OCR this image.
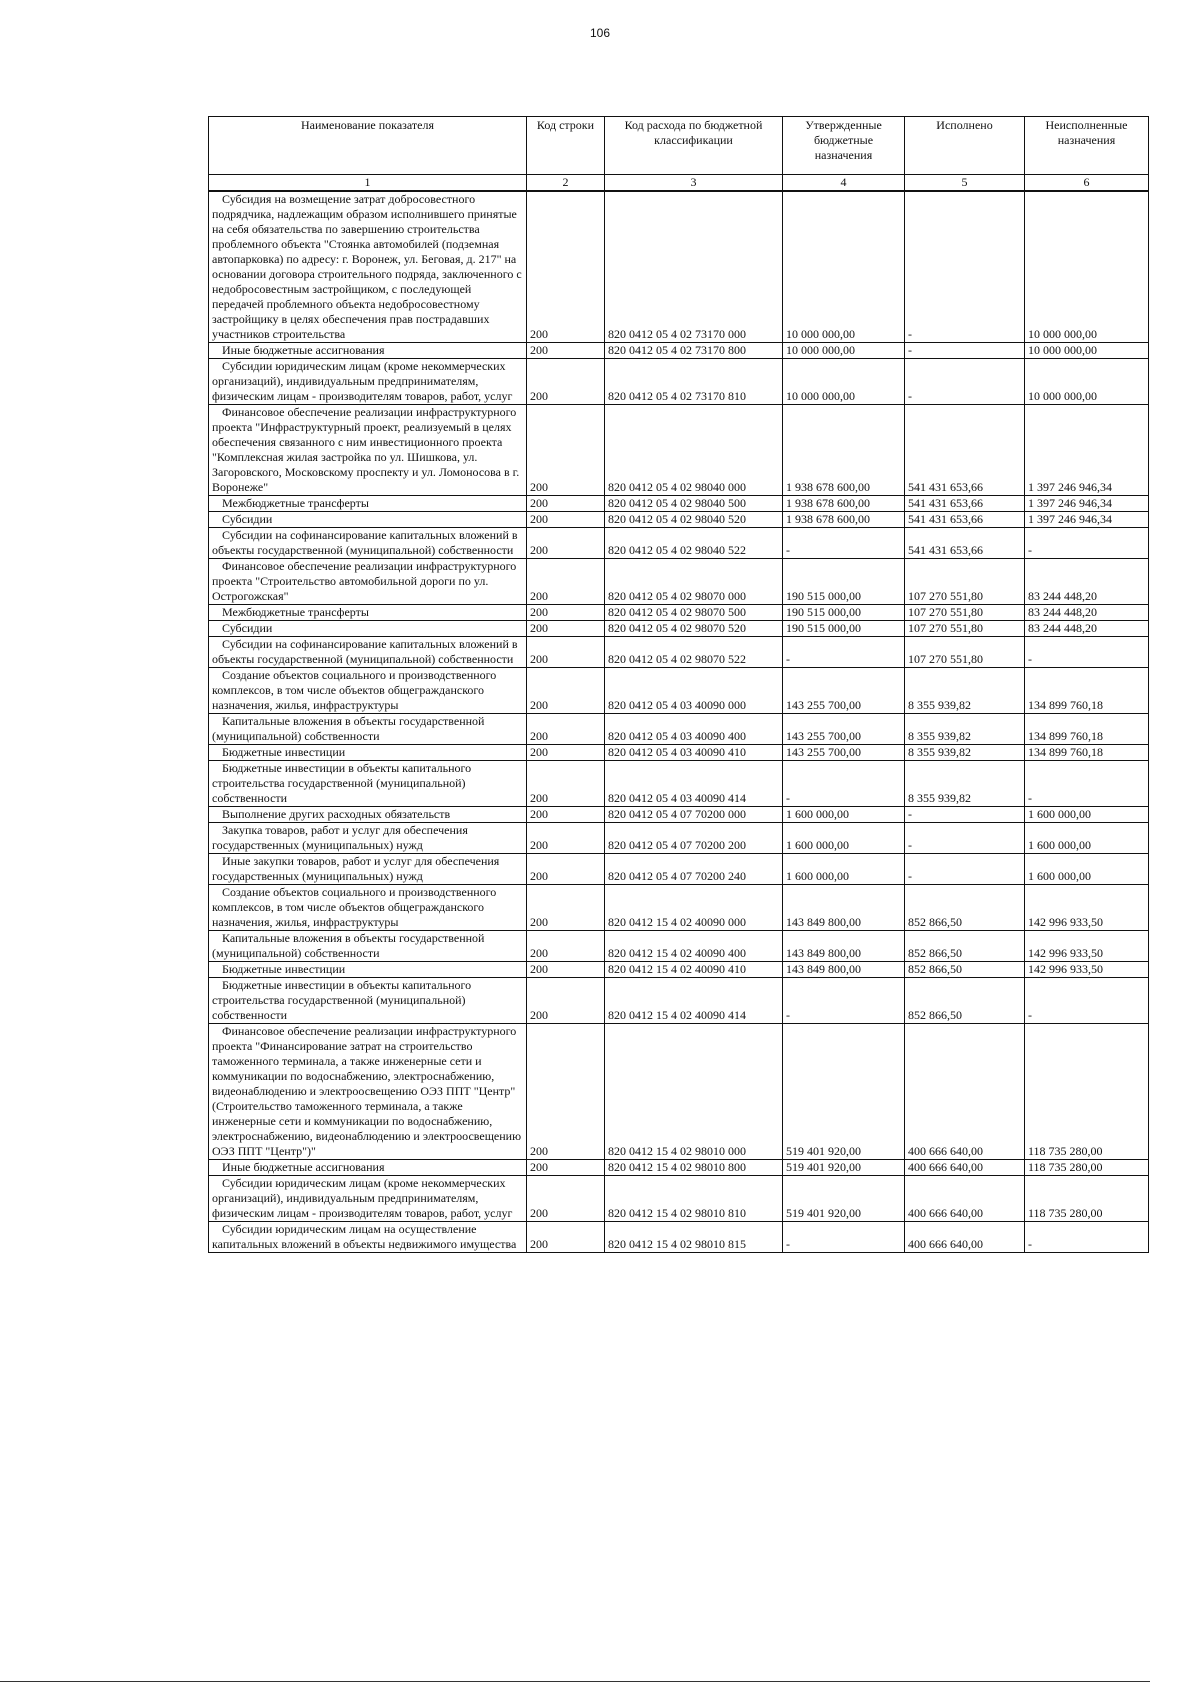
106
Наименование показателя	Код строки	Код расхода по бюджетной классификации	Утвержденные бюджетные назначения	Исполнено	Неисполненные назначения
1	2	3	4	5	6

Субсидия на возмещение затрат добросовестного подрядчика, надлежащим образом исполнившего принятые на себя обязательства по завершению строительства проблемного объекта "Стоянка автомобилей (подземная автопарковка) по адресу: г. Воронеж, ул. Беговая, д. 217" на основании договора строительного подряда, заключенного с недобросовестным застройщиком, с последующей передачей проблемного объекта недобросовестному застройщику в целях обеспечения прав пострадавших участников строительства	200	820 0412 05 4 02 73170 000	10 000 000,00	-	10 000 000,00

Иные бюджетные ассигнования	200	820 0412 05 4 02 73170 800	10 000 000,00	-	10 000 000,00

Субсидии юридическим лицам (кроме некоммерческих организаций), индивидуальным предпринимателям, физическим лицам - производителям товаров, работ, услуг	200	820 0412 05 4 02 73170 810	10 000 000,00	-	10 000 000,00

Финансовое обеспечение реализации инфраструктурного проекта "Инфраструктурный проект, реализуемый в целях обеспечения связанного с ним инвестиционного проекта "Комплексная жилая застройка по ул. Шишкова, ул. Загоровского, Московскому проспекту и ул. Ломоносова в г. Воронеже"	200	820 0412 05 4 02 98040 000	1 938 678 600,00	541 431 653,66	1 397 246 946,34

Межбюджетные трансферты	200	820 0412 05 4 02 98040 500	1 938 678 600,00	541 431 653,66	1 397 246 946,34

Субсидии	200	820 0412 05 4 02 98040 520	1 938 678 600,00	541 431 653,66	1 397 246 946,34

Субсидии на софинансирование капитальных вложений в объекты государственной (муниципальной) собственности	200	820 0412 05 4 02 98040 522	-	541 431 653,66	-

Финансовое обеспечение реализации инфраструктурного проекта "Строительство автомобильной дороги по ул. Острогожская"	200	820 0412 05 4 02 98070 000	190 515 000,00	107 270 551,80	83 244 448,20

Межбюджетные трансферты	200	820 0412 05 4 02 98070 500	190 515 000,00	107 270 551,80	83 244 448,20

Субсидии	200	820 0412 05 4 02 98070 520	190 515 000,00	107 270 551,80	83 244 448,20

Субсидии на софинансирование капитальных вложений в объекты государственной (муниципальной) собственности	200	820 0412 05 4 02 98070 522	-	107 270 551,80	-

Создание объектов социального и производственного комплексов, в том числе объектов общегражданского назначения, жилья, инфраструктуры	200	820 0412 05 4 03 40090 000	143 255 700,00	8 355 939,82	134 899 760,18

Капитальные вложения в объекты государственной (муниципальной) собственности	200	820 0412 05 4 03 40090 400	143 255 700,00	8 355 939,82	134 899 760,18

Бюджетные инвестиции	200	820 0412 05 4 03 40090 410	143 255 700,00	8 355 939,82	134 899 760,18

Бюджетные инвестиции в объекты капитального строительства государственной (муниципальной) собственности	200	820 0412 05 4 03 40090 414	-	8 355 939,82	-

Выполнение других расходных обязательств	200	820 0412 05 4 07 70200 000	1 600 000,00	-	1 600 000,00

Закупка товаров, работ и услуг для обеспечения государственных (муниципальных) нужд	200	820 0412 05 4 07 70200 200	1 600 000,00	-	1 600 000,00

Иные закупки товаров, работ и услуг для обеспечения государственных (муниципальных) нужд	200	820 0412 05 4 07 70200 240	1 600 000,00	-	1 600 000,00

Создание объектов социального и производственного комплексов, в том числе объектов общегражданского назначения, жилья, инфраструктуры	200	820 0412 15 4 02 40090 000	143 849 800,00	852 866,50	142 996 933,50

Капитальные вложения в объекты государственной (муниципальной) собственности	200	820 0412 15 4 02 40090 400	143 849 800,00	852 866,50	142 996 933,50

Бюджетные инвестиции	200	820 0412 15 4 02 40090 410	143 849 800,00	852 866,50	142 996 933,50

Бюджетные инвестиции в объекты капитального строительства государственной (муниципальной) собственности	200	820 0412 15 4 02 40090 414	-	852 866,50	-

Финансовое обеспечение реализации инфраструктурного проекта "Финансирование затрат на строительство таможенного терминала, а также инженерные сети и коммуникации по водоснабжению, электроснабжению, видеонаблюдению и электроосвещению ОЭЗ ППТ "Центр" (Строительство таможенного терминала, а также инженерные сети и коммуникации по водоснабжению, электроснабжению, видеонаблюдению и электроосвещению ОЭЗ ППТ "Центр")"	200	820 0412 15 4 02 98010 000	519 401 920,00	400 666 640,00	118 735 280,00

Иные бюджетные ассигнования	200	820 0412 15 4 02 98010 800	519 401 920,00	400 666 640,00	118 735 280,00

Субсидии юридическим лицам (кроме некоммерческих организаций), индивидуальным предпринимателям, физическим лицам - производителям товаров, работ, услуг	200	820 0412 15 4 02 98010 810	519 401 920,00	400 666 640,00	118 735 280,00

Субсидии юридическим лицам на осуществление капитальных вложений в объекты недвижимого имущества	200	820 0412 15 4 02 98010 815	-	400 666 640,00	-
